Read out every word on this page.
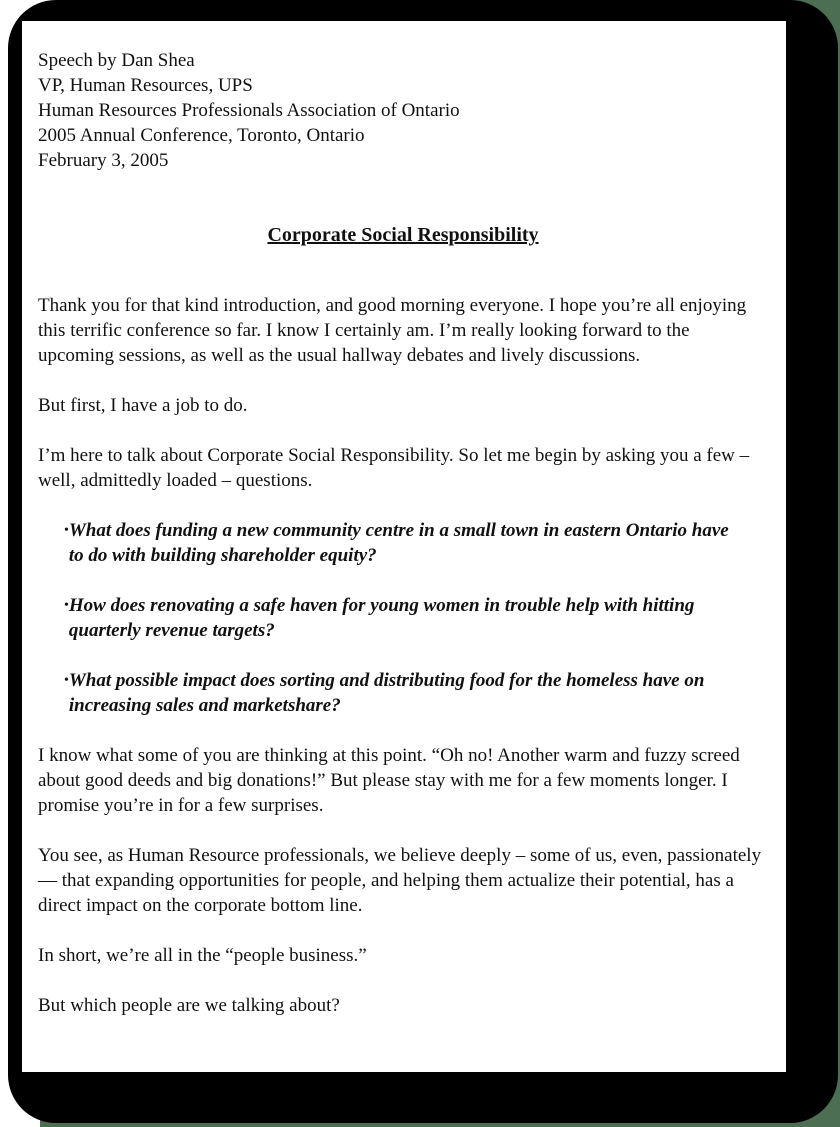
Speech by Dan Shea
VP, Human Resources, UPS
Human Resources Professionals Association of Ontario
2005 Annual Conference, Toronto, Ontario
February 3, 2005
Corporate Social Responsibility

Thank you for that kind introduction, and good morning everyone. I hope you’re all enjoying this terrific conference so far. I know I certainly am. I’m really looking forward to the upcoming sessions, as well as the usual hallway debates and lively discussions.

But first, I have a job to do.

I’m here to talk about Corporate Social Responsibility. So let me begin by asking you a few – well, admittedly loaded – questions.

• What does funding a new community centre in a small town in eastern Ontario have to do with building shareholder equity?
• How does renovating a safe haven for young women in trouble help with hitting quarterly revenue targets?
• What possible impact does sorting and distributing food for the homeless have on increasing sales and marketshare?

I know what some of you are thinking at this point. “Oh no! Another warm and fuzzy screed about good deeds and big donations!” But please stay with me for a few moments longer. I promise you’re in for a few surprises.

You see, as Human Resource professionals, we believe deeply – some of us, even, passionately — that expanding opportunities for people, and helping them actualize their potential, has a direct impact on the corporate bottom line.

In short, we’re all in the “people business.”

But which people are we talking about?
